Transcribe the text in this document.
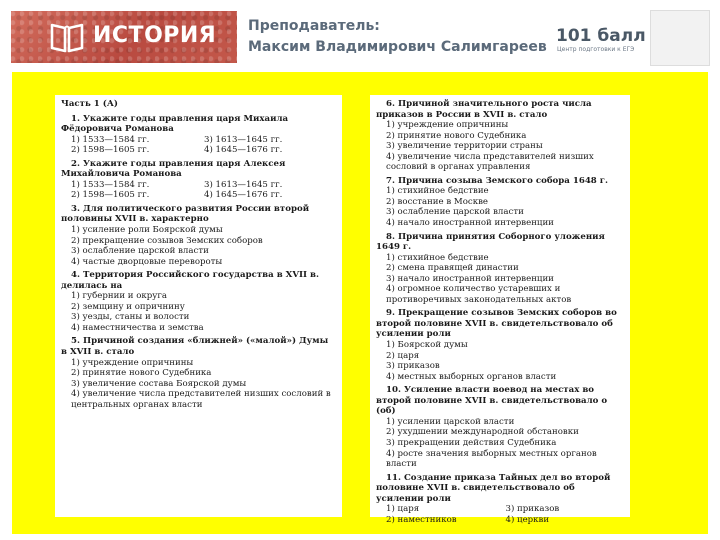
ИСТОРИЯ Преподаватель:
Максим Владимирович Салимгареев
101 балл
Центр подготовки к ЕГЭ
Часть 1 (А)
1. Укажите годы правления царя Михаила Фёдоровича Романова
1) 1533—1584 гг.	3) 1613—1645 гг.
2) 1598—1605 гг.	4) 1645—1676 гг.
2. Укажите годы правления царя Алексея Михайловича Романова
1) 1533—1584 гг.	3) 1613—1645 гг.
2) 1598—1605 гг.	4) 1645—1676 гг.
3. Для политического развития России второй половины XVII в. характерно
1) усиление роли Боярской думы
2) прекращение созывов Земских соборов
3) ослабление царской власти
4) частые дворцовые перевороты
4. Территория Российского государства в XVII в. делилась на
1) губернии и округа
2) земщину и опричнину
3) уезды, станы и волости
4) наместничества и земства
5. Причиной создания «ближней» («малой») Думы в XVII в. стало
1) учреждение опричнины
2) принятие нового Судебника
3) увеличение состава Боярской думы
4) увеличение числа представителей низших сословий в центральных органах власти
6. Причиной значительного роста числа приказов в России в XVII в. стало
1) учреждение опричнины
2) принятие нового Судебника
3) увеличение территории страны
4) увеличение числа представителей низших сословий в органах управления
7. Причина созыва Земского собора 1648 г.
1) стихийное бедствие
2) восстание в Москве
3) ослабление царской власти
4) начало иностранной интервенции
8. Причина принятия Соборного уложения 1649 г.
1) стихийное бедствие
2) смена правящей династии
3) начало иностранной интервенции
4) огромное количество устаревших и противоречивых законодательных актов
9. Прекращение созывов Земских соборов во второй половине XVII в. свидетельствовало об усилении роли
1) Боярской думы
2) царя
3) приказов
4) местных выборных органов власти
10. Усиление власти воевод на местах во второй половине XVII в. свидетельствовало о (об)
1) усилении царской власти
2) ухудшении международной обстановки
3) прекращении действия Судебника
4) росте значения выборных местных органов власти
11. Создание приказа Тайных дел во второй половине XVII в. свидетельствовало об усилении роли
1) царя	3) приказов
2) наместников	4) церкви
